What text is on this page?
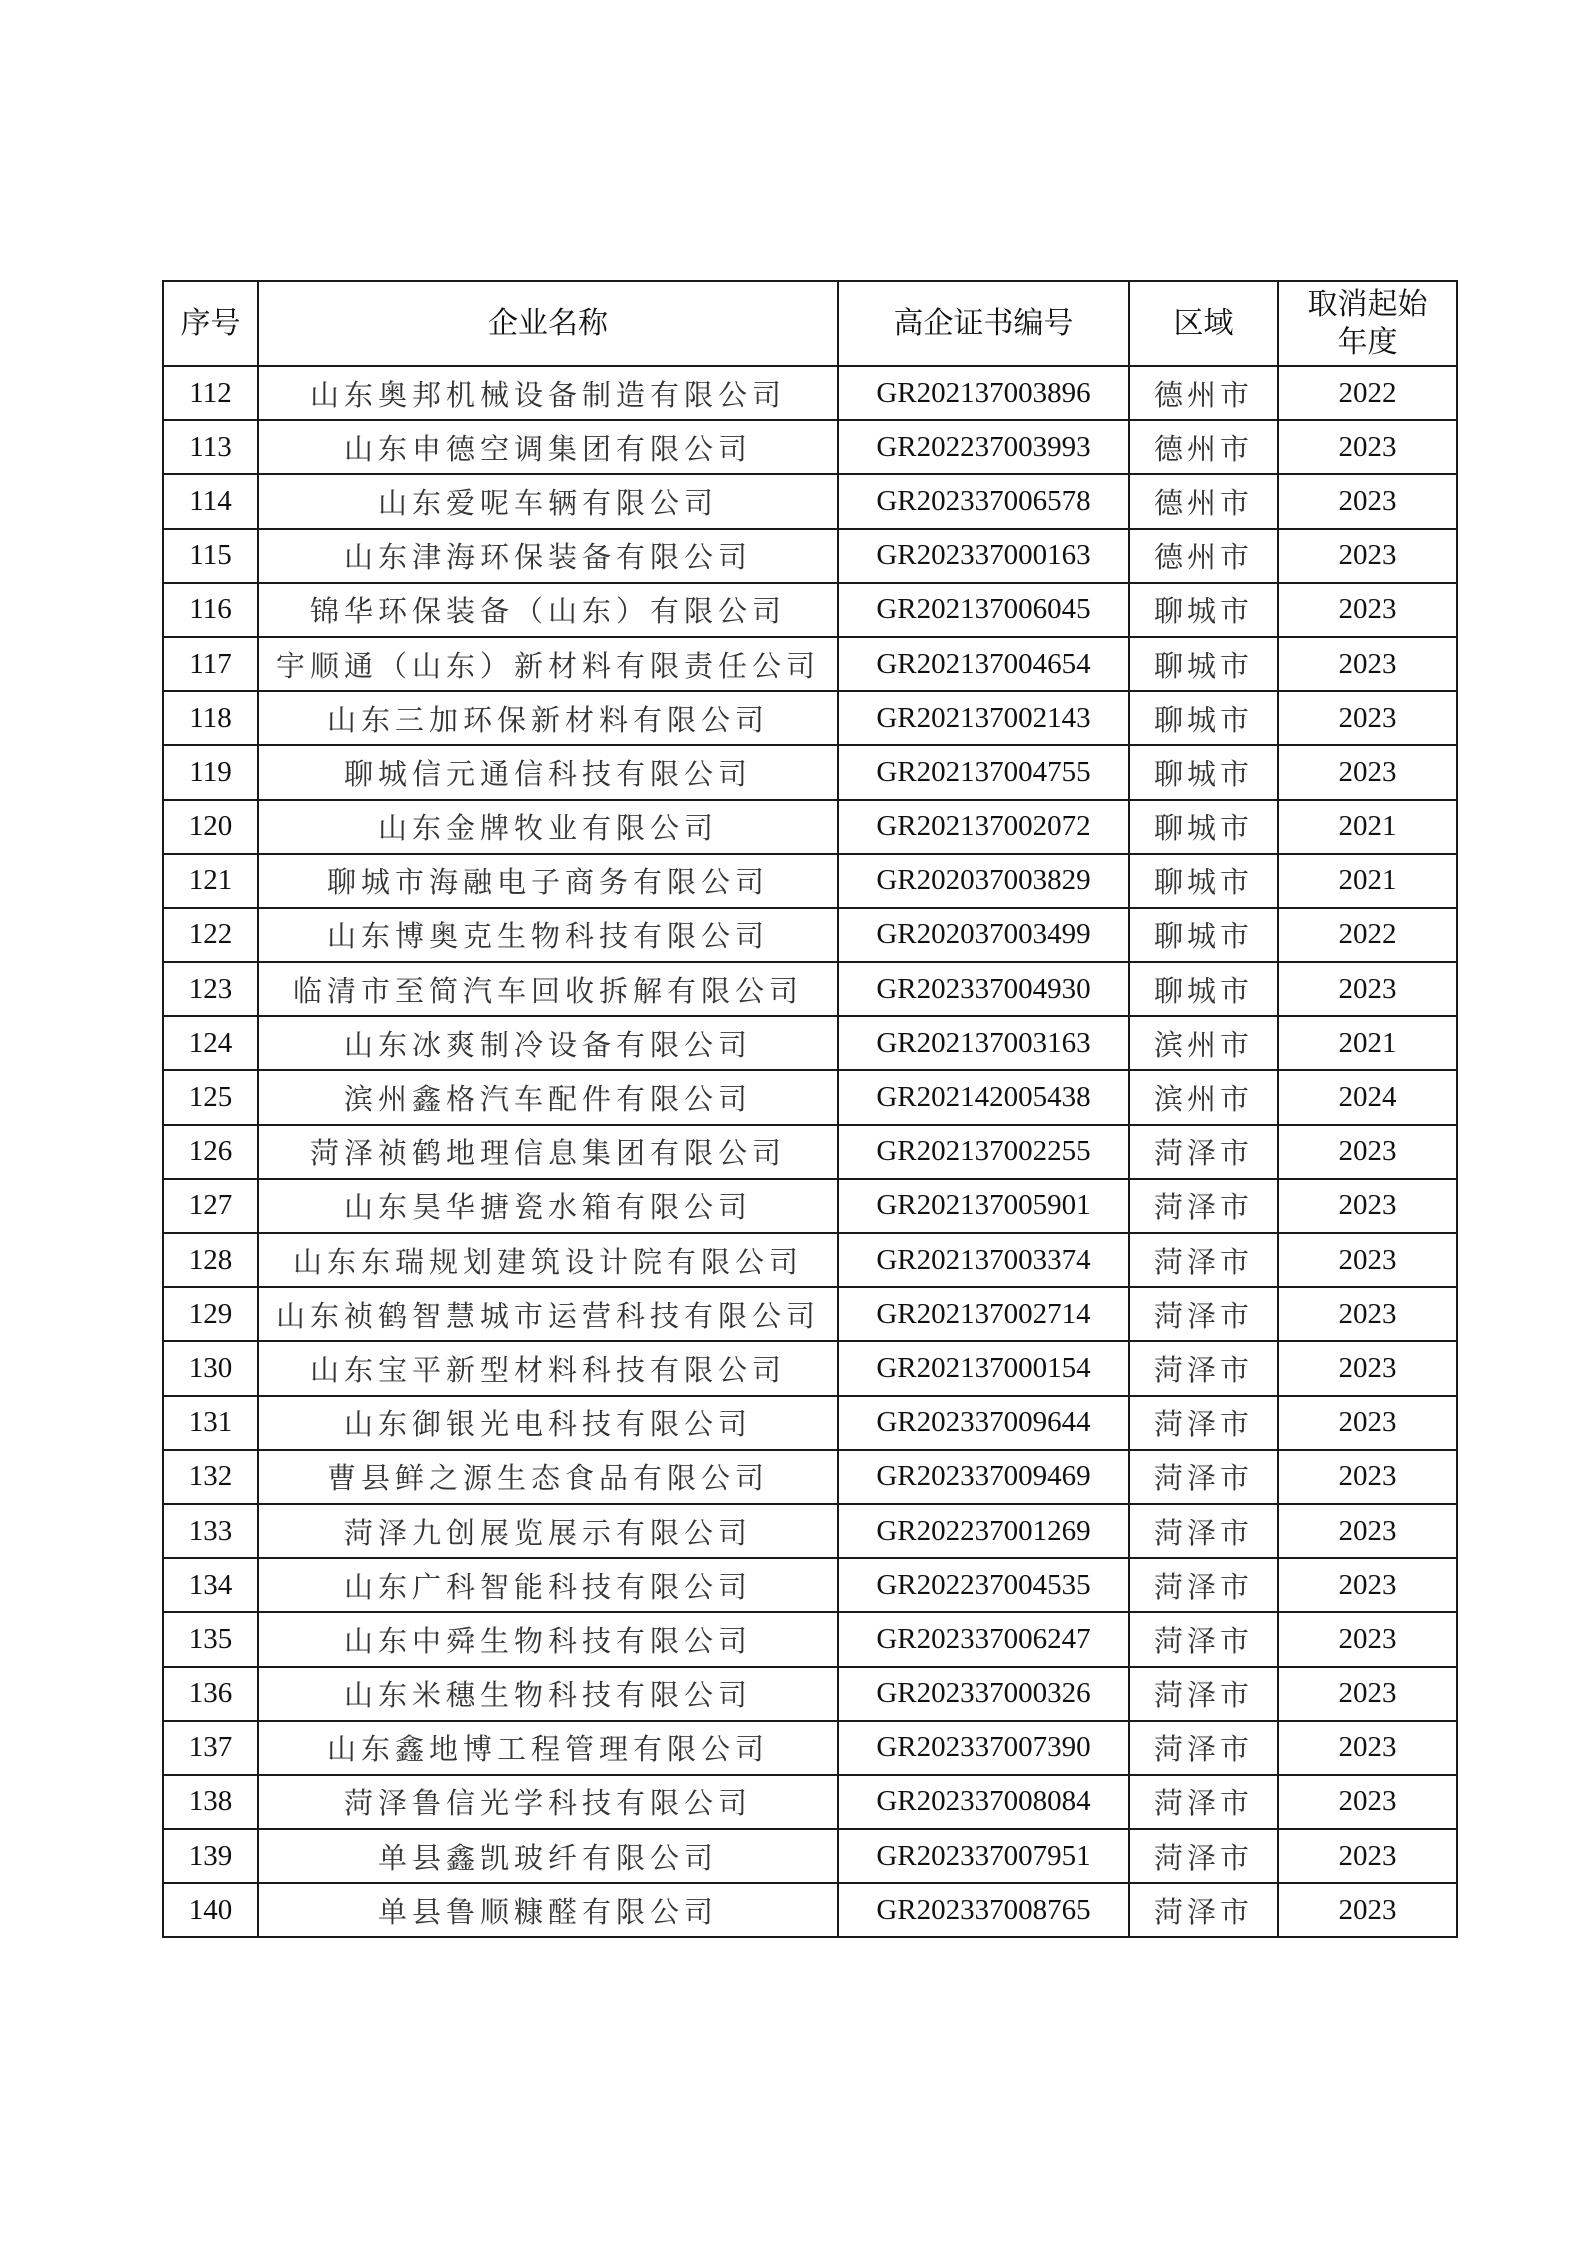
序号	企业名称	高企证书编号	区域	取消起始
年度

112	山东奥邦机械设备制造有限公司	GR202137003896	德州市	2022
113	山东申德空调集团有限公司	GR202237003993	德州市	2023
114	山东爱呢车辆有限公司	GR202337006578	德州市	2023
115	山东津海环保装备有限公司	GR202337000163	德州市	2023
116	锦华环保装备（山东）有限公司	GR202137006045	聊城市	2023
117	宇顺通（山东）新材料有限责任公司	GR202137004654	聊城市	2023
118	山东三加环保新材料有限公司	GR202137002143	聊城市	2023
119	聊城信元通信科技有限公司	GR202137004755	聊城市	2023
120	山东金牌牧业有限公司	GR202137002072	聊城市	2021
121	聊城市海融电子商务有限公司	GR202037003829	聊城市	2021
122	山东博奥克生物科技有限公司	GR202037003499	聊城市	2022
123	临清市至简汽车回收拆解有限公司	GR202337004930	聊城市	2023
124	山东冰爽制冷设备有限公司	GR202137003163	滨州市	2021
125	滨州鑫格汽车配件有限公司	GR202142005438	滨州市	2024
126	菏泽祯鹤地理信息集团有限公司	GR202137002255	菏泽市	2023
127	山东昊华搪瓷水箱有限公司	GR202137005901	菏泽市	2023
128	山东东瑞规划建筑设计院有限公司	GR202137003374	菏泽市	2023
129	山东祯鹤智慧城市运营科技有限公司	GR202137002714	菏泽市	2023
130	山东宝平新型材料科技有限公司	GR202137000154	菏泽市	2023
131	山东御银光电科技有限公司	GR202337009644	菏泽市	2023
132	曹县鲜之源生态食品有限公司	GR202337009469	菏泽市	2023
133	菏泽九创展览展示有限公司	GR202237001269	菏泽市	2023
134	山东广科智能科技有限公司	GR202237004535	菏泽市	2023
135	山东中舜生物科技有限公司	GR202337006247	菏泽市	2023
136	山东米穗生物科技有限公司	GR202337000326	菏泽市	2023
137	山东鑫地博工程管理有限公司	GR202337007390	菏泽市	2023
138	菏泽鲁信光学科技有限公司	GR202337008084	菏泽市	2023
139	单县鑫凯玻纤有限公司	GR202337007951	菏泽市	2023
140	单县鲁顺糠醛有限公司	GR202337008765	菏泽市	2023
